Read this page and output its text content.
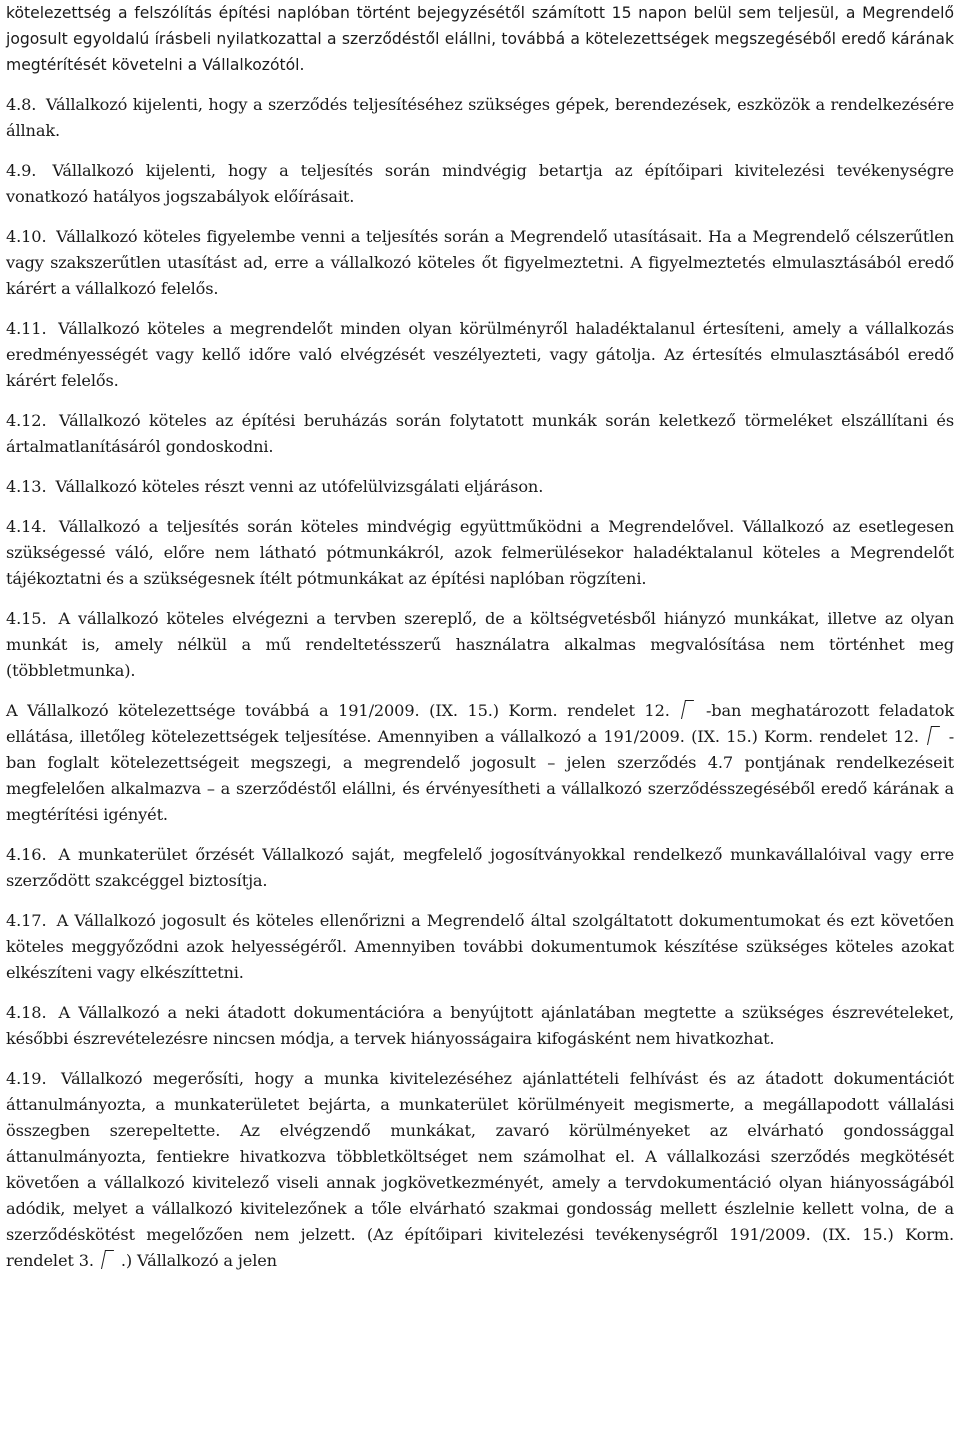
kötelezettség a felszólítás építési naplóban történt bejegyzésétől számított 15 napon belül sem teljesül, a Megrendelő jogosult egyoldalú írásbeli nyilatkozattal a szerződéstől elállni, továbbá a kötelezettségek megszegéséből eredő kárának megtérítését követelni a Vállalkozótól.

4.8. Vállalkozó kijelenti, hogy a szerződés teljesítéséhez szükséges gépek, berendezések, eszközök a rendelkezésére állnak.

4.9. Vállalkozó kijelenti, hogy a teljesítés során mindvégig betartja az építőipari kivitelezési tevékenységre vonatkozó hatályos jogszabályok előírásait.

4.10. Vállalkozó köteles figyelembe venni a teljesítés során a Megrendelő utasításait. Ha a Megrendelő célszerűtlen vagy szakszerűtlen utasítást ad, erre a vállalkozó köteles őt figyelmeztetni. A figyelmeztetés elmulasztásából eredő kárért a vállalkozó felelős.

4.11. Vállalkozó köteles a megrendelőt minden olyan körülményről haladéktalanul értesíteni, amely a vállalkozás eredményességét vagy kellő időre való elvégzését veszélyezteti, vagy gátolja. Az értesítés elmulasztásából eredő kárért felelős.

4.12. Vállalkozó köteles az építési beruházás során folytatott munkák során keletkező törmeléket elszállítani és ártalmatlanításáról gondoskodni.

4.13. Vállalkozó köteles részt venni az utófelülvizsgálati eljáráson.

4.14. Vállalkozó a teljesítés során köteles mindvégig együttműködni a Megrendelővel. Vállalkozó az esetlegesen szükségessé váló, előre nem látható pótmunkákról, azok felmerülésekor haladéktalanul köteles a Megrendelőt tájékoztatni és a szükségesnek ítélt pótmunkákat az építési naplóban rögzíteni.

4.15. A vállalkozó köteles elvégezni a tervben szereplő, de a költségvetésből hiányzó munkákat, illetve az olyan munkát is, amely nélkül a mű rendeltetésszerű használatra alkalmas megvalósítása nem történhet meg (többletmunka).

A Vállalkozó kötelezettsége továbbá a 191/2009. (IX. 15.) Korm. rendelet 12. -ban meghatározott feladatok ellátása, illetőleg kötelezettségek teljesítése. Amennyiben a vállalkozó a 191/2009. (IX. 15.) Korm. rendelet 12. -ban foglalt kötelezettségeit megszegi, a megrendelő jogosult – jelen szerződés 4.7 pontjának rendelkezéseit megfelelően alkalmazva – a szerződéstől elállni, és érvényesítheti a vállalkozó szerződésszegéséből eredő kárának a megtérítési igényét.

4.16. A munkaterület őrzését Vállalkozó saját, megfelelő jogosítványokkal rendelkező munkavállalóival vagy erre szerződött szakcéggel biztosítja.

4.17. A Vállalkozó jogosult és köteles ellenőrizni a Megrendelő által szolgáltatott dokumentumokat és ezt követően köteles meggyőződni azok helyességéről. Amennyiben további dokumentumok készítése szükséges köteles azokat elkészíteni vagy elkészíttetni.

4.18. A Vállalkozó a neki átadott dokumentációra a benyújtott ajánlatában megtette a szükséges észrevételeket, későbbi észrevételezésre nincsen módja, a tervek hiányosságaira kifogásként nem hivatkozhat.

4.19. Vállalkozó megerősíti, hogy a munka kivitelezéséhez ajánlattételi felhívást és az átadott dokumentációt áttanulmányozta, a munkaterületet bejárta, a munkaterület körülményeit megismerte, a megállapodott vállalási összegben szerepeltette. Az elvégzendő munkákat, zavaró körülményeket az elvárható gondossággal áttanulmányozta, fentiekre hivatkozva többletköltséget nem számolhat el. A vállalkozási szerződés megkötését követően a vállalkozó kivitelező viseli annak jogkövetkezményét, amely a tervdokumentáció olyan hiányosságából adódik, melyet a vállalkozó kivitelezőnek a tőle elvárható szakmai gondosság mellett észlelnie kellett volna, de a szerződéskötést megelőzően nem jelzett. (Az építőipari kivitelezési tevékenységről 191/2009. (IX. 15.) Korm. rendelet 3. .) Vállalkozó a jelen
